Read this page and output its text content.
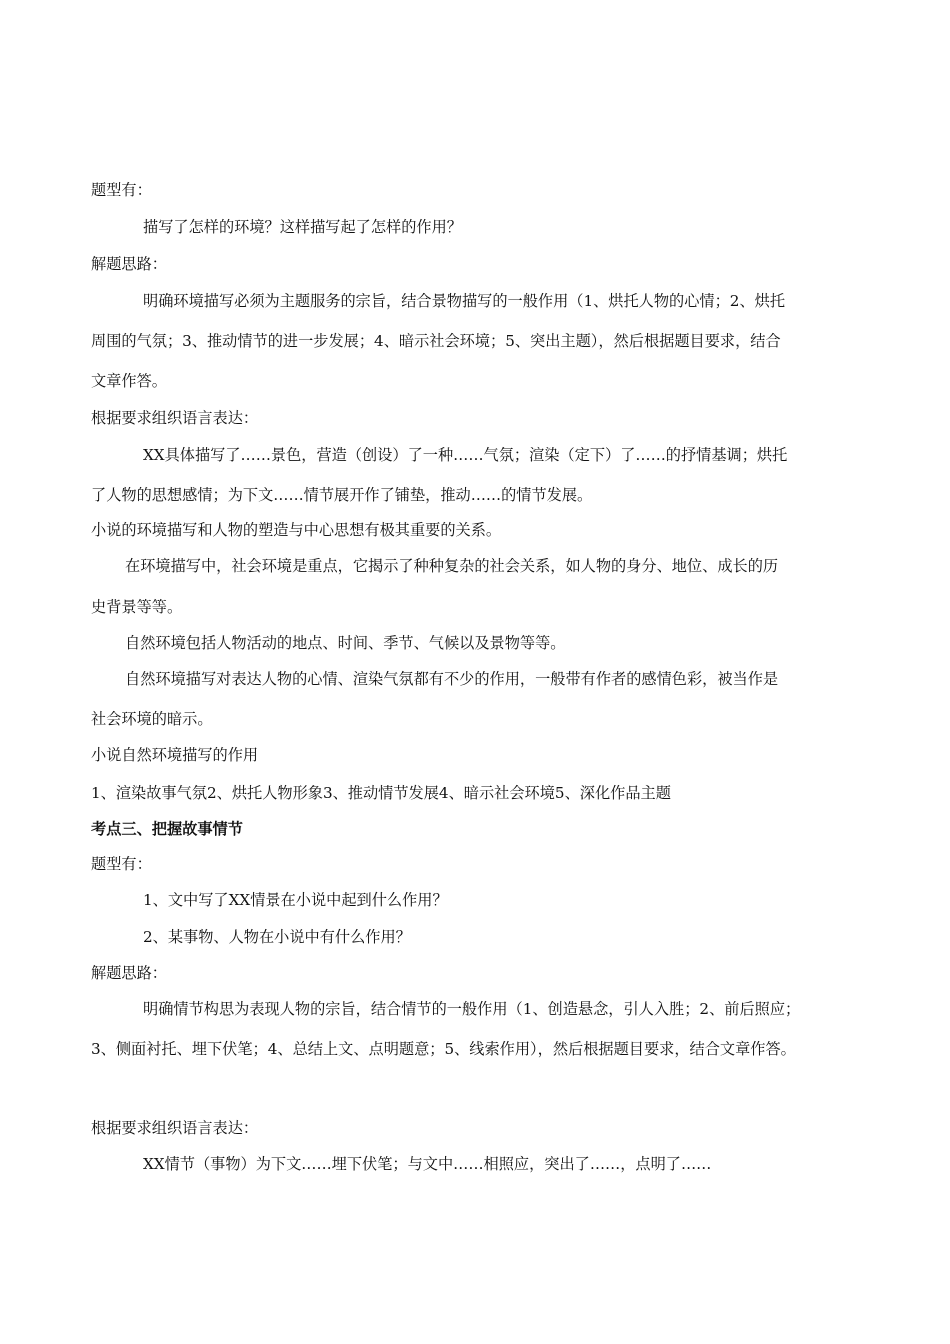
题型有：
描写了怎样的环境？这样描写起了怎样的作用？
解题思路：
明确环境描写必须为主题服务的宗旨，结合景物描写的一般作用（1、烘托人物的心情；2、烘托
周围的气氛；3、推动情节的进一步发展；4、暗示社会环境；5、突出主题），然后根据题目要求，结合
文章作答。
根据要求组织语言表达：
XX具体描写了……景色，营造（创设）了一种……气氛；渲染（定下）了……的抒情基调；烘托
了人物的思想感情；为下文……情节展开作了铺垫，推动……的情节发展。
小说的环境描写和人物的塑造与中心思想有极其重要的关系。
在环境描写中，社会环境是重点，它揭示了种种复杂的社会关系，如人物的身分、地位、成长的历
史背景等等。
自然环境包括人物活动的地点、时间、季节、气候以及景物等等。
自然环境描写对表达人物的心情、渲染气氛都有不少的作用，一般带有作者的感情色彩，被当作是
社会环境的暗示。
小说自然环境描写的作用
1、渲染故事气氛2、烘托人物形象3、推动情节发展4、暗示社会环境5、深化作品主题
考点三、把握故事情节
题型有：
1、文中写了XX情景在小说中起到什么作用？
2、某事物、人物在小说中有什么作用？
解题思路：
明确情节构思为表现人物的宗旨，结合情节的一般作用（1、创造悬念，引人入胜；2、前后照应；
3、侧面衬托、埋下伏笔；4、总结上文、点明题意；5、线索作用），然后根据题目要求，结合文章作答。
根据要求组织语言表达：
XX情节（事物）为下文……埋下伏笔；与文中……相照应，突出了……，点明了……
